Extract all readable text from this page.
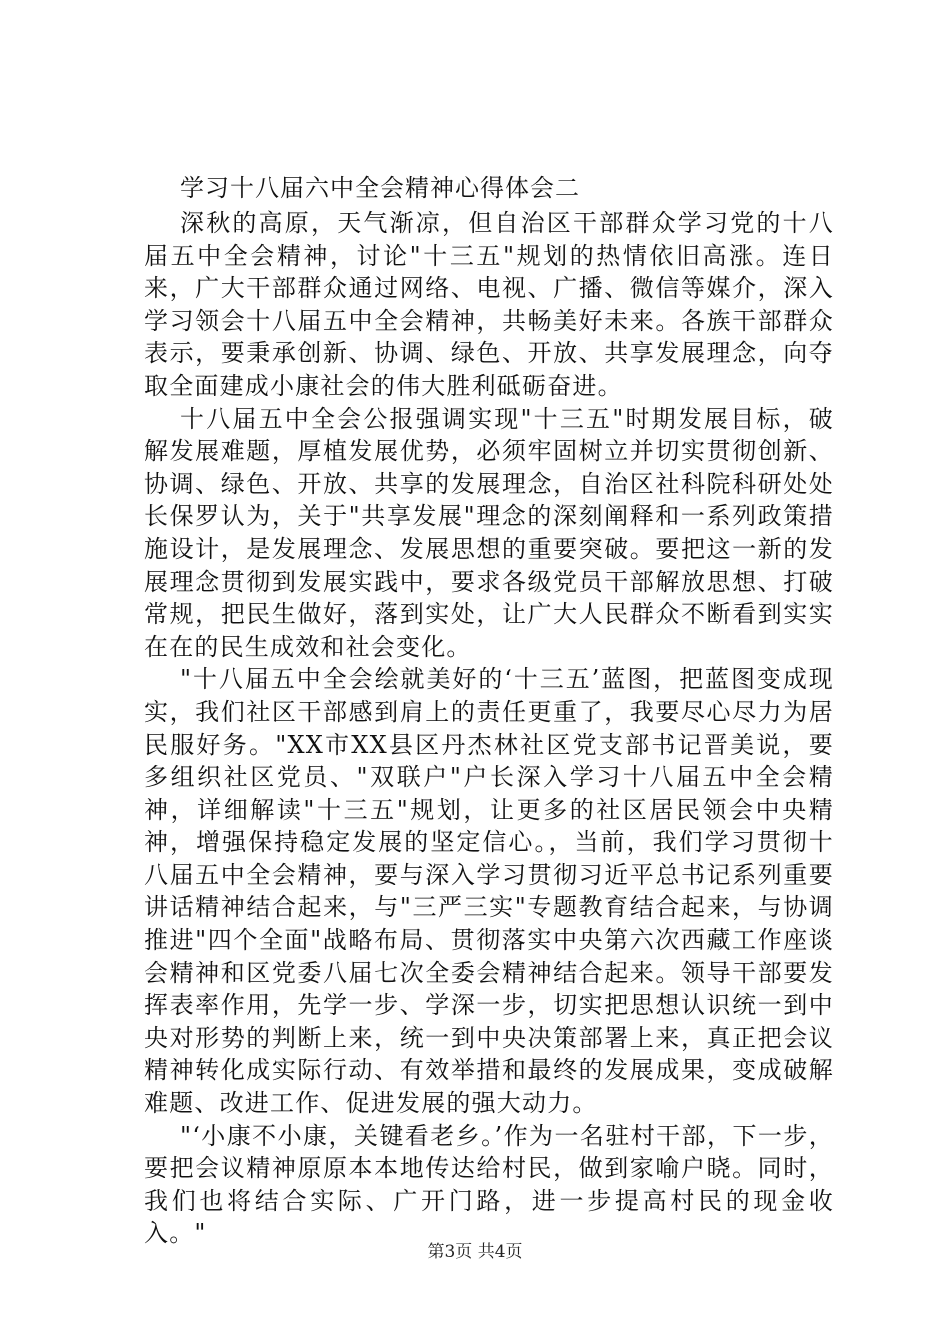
学习十八届六中全会精神心得体会二

深秋的高原，天气渐凉，但自治区干部群众学习党的十八届五中全会精神，讨论"十三五"规划的热情依旧高涨。连日来，广大干部群众通过网络、电视、广播、微信等媒介，深入学习领会十八届五中全会精神，共畅美好未来。各族干部群众表示，要秉承创新、协调、绿色、开放、共享发展理念，向夺取全面建成小康社会的伟大胜利砥砺奋进。

十八届五中全会公报强调实现"十三五"时期发展目标，破解发展难题，厚植发展优势，必须牢固树立并切实贯彻创新、协调、绿色、开放、共享的发展理念，自治区社科院科研处处长保罗认为，关于"共享发展"理念的深刻阐释和一系列政策措施设计，是发展理念、发展思想的重要突破。要把这一新的发展理念贯彻到发展实践中，要求各级党员干部解放思想、打破常规，把民生做好，落到实处，让广大人民群众不断看到实实在在的民生成效和社会变化。

"十八届五中全会绘就美好的‘十三五’蓝图，把蓝图变成现实，我们社区干部感到肩上的责任更重了，我要尽心尽力为居民服好务。"XX市XX县区丹杰林社区党支部书记晋美说，要多组织社区党员、"双联户"户长深入学习十八届五中全会精神，详细解读"十三五"规划，让更多的社区居民领会中央精神，增强保持稳定发展的坚定信心。，当前，我们学习贯彻十八届五中全会精神，要与深入学习贯彻习近平总书记系列重要讲话精神结合起来，与"三严三实"专题教育结合起来，与协调推进"四个全面"战略布局、贯彻落实中央第六次西藏工作座谈会精神和区党委八届七次全委会精神结合起来。领导干部要发挥表率作用，先学一步、学深一步，切实把思想认识统一到中央对形势的判断上来，统一到中央决策部署上来，真正把会议精神转化成实际行动、有效举措和最终的发展成果，变成破解难题、改进工作、促进发展的强大动力。

"‘小康不小康，关键看老乡。’作为一名驻村干部，下一步，要把会议精神原原本本地传达给村民，做到家喻户晓。同时，我们也将结合实际、广开门路，进一步提高村民的现金收入。"

第3页 共4页
